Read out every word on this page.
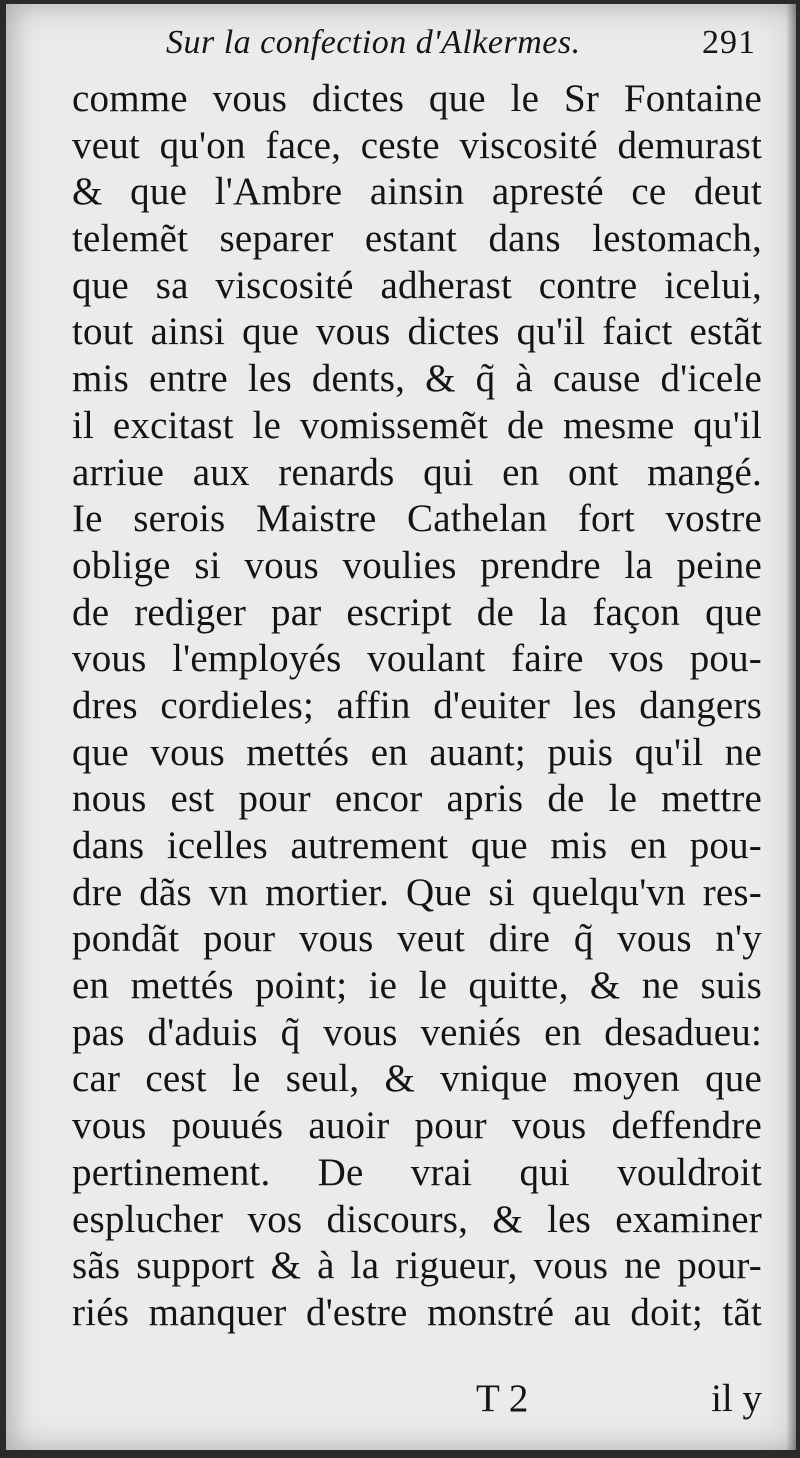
Sur la confection d'Alkermes.	291
comme vous dictes que le Sr Fontaine
veut qu'on face, ceste viscosité demurast
& que l'Ambre ainsin apresté ce deut
telemẽt separer estant dans lestomach,
que sa viscosité adherast contre icelui,
tout ainsi que vous dictes qu'il faict estãt
mis entre les dents, & q̃ à cause d'icele
il excitast le vomissemẽt de mesme qu'il
arriue aux renards qui en ont mangé.
Ie serois Maistre Cathelan fort vostre
oblige si vous voulies prendre la peine
de rediger par escript de la façon que
vous l'employés voulant faire vos pou-
dres cordieles; affin d'euiter les dangers
que vous mettés en auant; puis qu'il ne
nous est pour encor apris de le mettre
dans icelles autrement que mis en pou-
dre dãs vn mortier. Que si quelqu'vn res-
pondãt pour vous veut dire q̃ vous n'y
en mettés point; ie le quitte, & ne suis
pas d'aduis q̃ vous veniés en desadueu:
car cest le seul, & vnique moyen que
vous pouués auoir pour vous deffendre
pertinement. De vrai qui vouldroit
esplucher vos discours, & les examiner
sãs support & à la rigueur, vous ne pour-
riés manquer d'estre monstré au doit; tãt
T 2	il y
